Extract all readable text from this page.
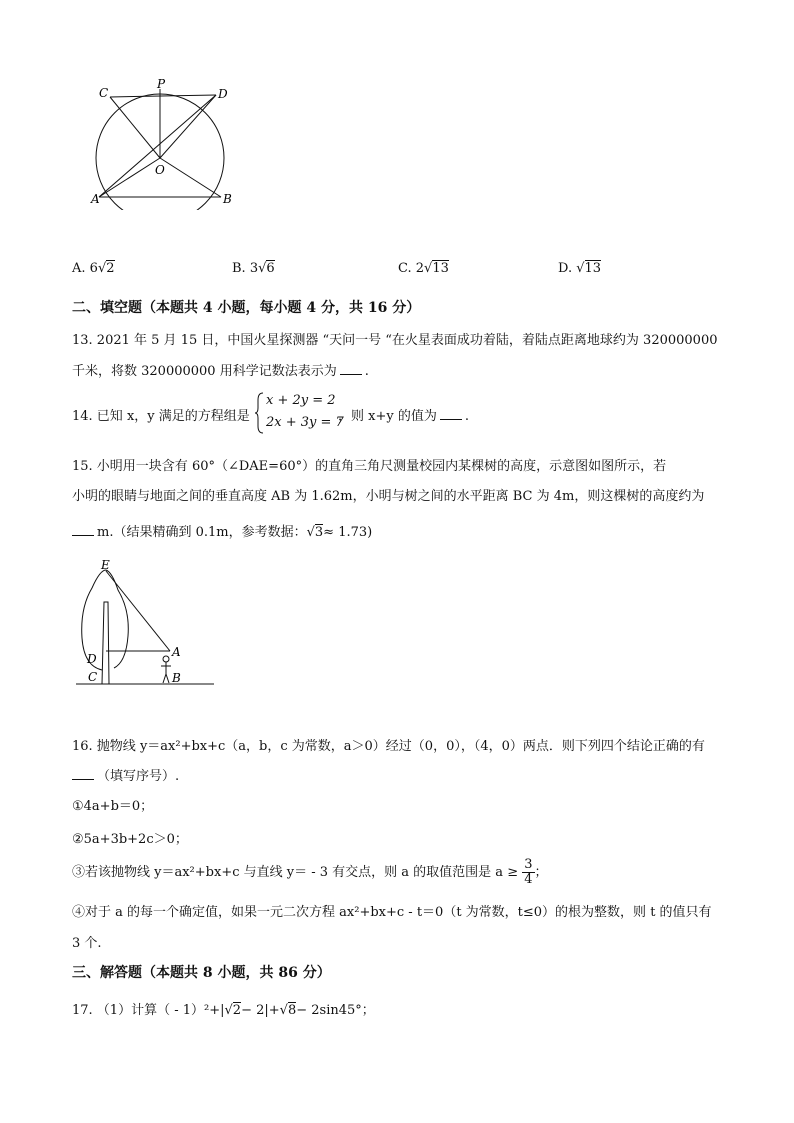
C
P
D
O
A	B
A. 6√2	B. 3√6	C. 2√13	D. √13
二、填空题（本题共 4 小题，每小题 4 分，共 16 分）
13. 2021 年 5 月 15 日，中国火星探测器 “天问一号 “在火星表面成功着陆，着陆点距离地球约为 320000000
千米，将数 320000000 用科学记数法表示为 .
14. 已知 x，y 满足的方程组是
x + 2y = 2
2x + 3y = 7
，则 x+y 的值为 .
15. 小明用一块含有 60°（∠DAE=60°）的直角三角尺测量校园内某棵树的高度，示意图如图所示，若
小明的眼睛与地面之间的垂直高度 AB 为 1.62m，小明与树之间的水平距离 BC 为 4m，则这棵树的高度约为
m.（结果精确到 0.1m，参考数据：√3≈ 1.73)
E
D	A
C	B
16. 抛物线 y＝ax²+bx+c（a，b，c 为常数，a＞0）经过（0，0），（4，0）两点．则下列四个结论正确的有
（填写序号）.
①4a+b＝0；
②5a+3b+2c＞0；
③若该抛物线 y＝ax²+bx+c 与直线 y＝ - 3 有交点，则 a 的取值范围是 $a \ge \frac{3}{4}$ ；
④对于 a 的每一个确定值，如果一元二次方程 ax²+bx+c - t＝0（t 为常数，t≤0）的根为整数，则 t 的值只有
3 个.
三、解答题（本题共 8 小题，共 86 分）
17. （1）计算（ - 1）²+|√2− 2|+√8− 2sin45°；
